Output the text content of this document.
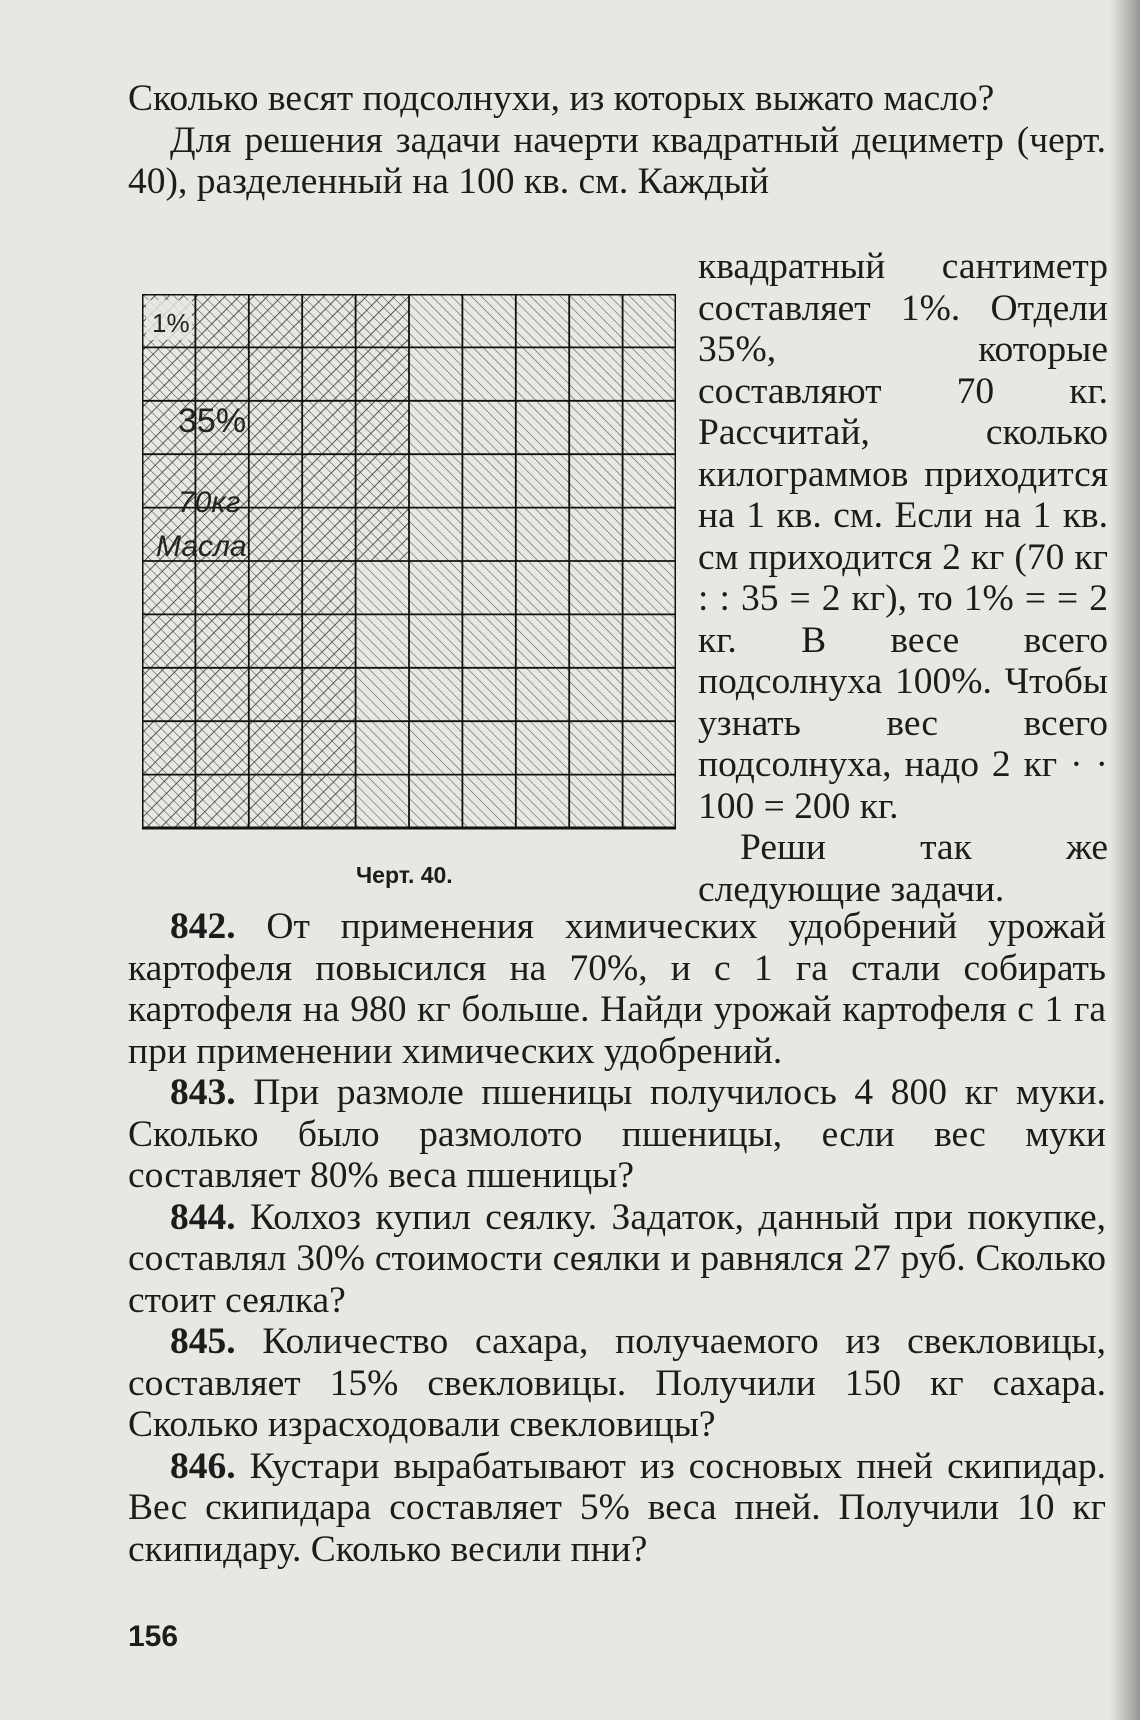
Сколько весят подсолнухи, из которых выжато масло?

Для решения задачи начерти квадратный дециметр (черт. 40), разделенный на 100 кв. см. Каждый

квадратный сантиметр составляет 1%. Отдели 35%, которые составляют 70 кг. Рассчитай, сколько килограммов приходится на 1 кв. см. Если на 1 кв. см приходится 2 кг (70 кг : : 35 = 2 кг), то 1% = = 2 кг. В весе всего подсолнуха 100%. Чтобы узнать вес всего подсолнуха, надо 2 кг · · 100 = 200 кг.

Реши так же следующие задачи.

1%
35%
70кг
Масла
Черт. 40.

842. От применения химических удобрений урожай картофеля повысился на 70%, и с 1 га стали собирать картофеля на 980 кг больше. Найди урожай картофеля с 1 га при применении химических удобрений.

843. При размоле пшеницы получилось 4 800 кг муки. Сколько было размолото пшеницы, если вес муки составляет 80% веса пшеницы?

844. Колхоз купил сеялку. Задаток, данный при покупке, составлял 30% стоимости сеялки и равнялся 27 руб. Сколько стоит сеялка?

845. Количество сахара, получаемого из свекловицы, составляет 15% свекловицы. Получили 150 кг сахара. Сколько израсходовали свекловицы?

846. Кустари вырабатывают из сосновых пней скипидар. Вес скипидара составляет 5% веса пней. Получили 10 кг скипидару. Сколько весили пни?

156
